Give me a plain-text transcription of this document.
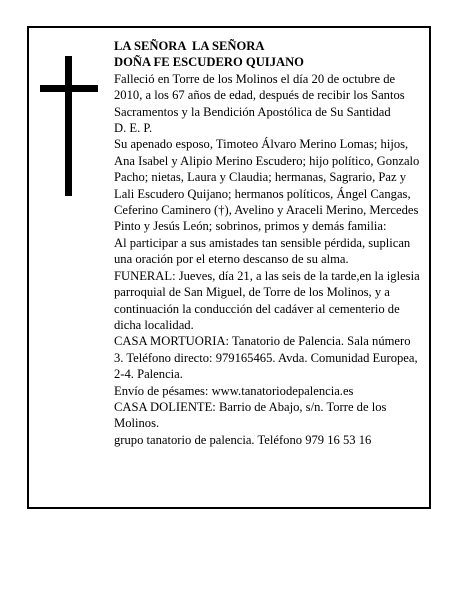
LA SEÑORA  LA SEÑORA

DOÑA FE ESCUDERO QUIJANO

Falleció en Torre de los Molinos el día 20 de octubre de 2010, a los 67 años de edad, después de recibir los Santos Sacramentos y la Bendición Apostólica de Su Santidad

D. E. P.

Su apenado esposo, Timoteo Álvaro Merino Lomas; hijos, Ana Isabel y Alipio Merino Escudero; hijo político, Gonzalo Pacho; nietas, Laura y Claudia; hermanas, Sagrario, Paz y Lali Escudero Quijano; hermanos políticos, Ángel Cangas, Ceferino Caminero (†), Avelino y Araceli Merino, Mercedes Pinto y Jesús León; sobrinos, primos y demás familia:

Al participar a sus amistades tan sensible pérdida, suplican una oración por el eterno descanso de su alma.

FUNERAL: Jueves, día 21, a las seis de la tarde,en la iglesia parroquial de San Miguel, de Torre de los Molinos, y a continuación la conducción del cadáver al cementerio de dicha localidad.

CASA MORTUORIA: Tanatorio de Palencia. Sala número 3. Teléfono directo: 979165465. Avda. Comunidad Europea, 2-4. Palencia.

Envío de pésames: www.tanatoriodepalencia.es

CASA DOLIENTE: Barrio de Abajo, s/n. Torre de los Molinos.

grupo tanatorio de palencia. Teléfono 979 16 53 16
